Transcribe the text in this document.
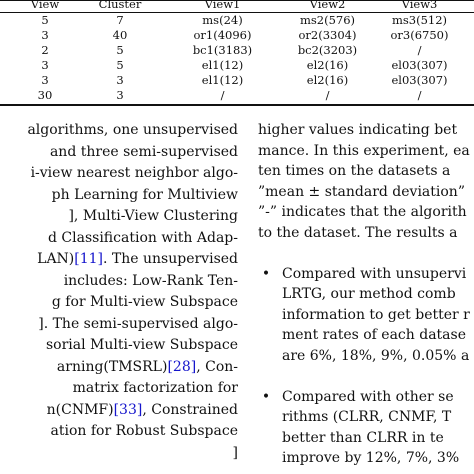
View	Cluster	View1	View2	View3
5	7	ms(24)	ms2(576)	ms3(512)
3	40	or1(4096)	or2(3304)	or3(6750)
2	5	bc1(3183)	bc2(3203)	/
3	5	el1(12)	el2(16)	el03(307)
3	3	el1(12)	el2(16)	el03(307)
30	3	/	/	/
algorithms, one unsupervised
and three semi-supervised
i-view nearest neighbor algo-
ph Learning for Multiview
], Multi-View Clustering
d Classification with Adap-
LAN)[11]. The unsupervised
includes: Low-Rank Ten-
g for Multi-view Subspace
]. The semi-supervised algo-
sorial Multi-view Subspace
arning(TMSRL)[28], Con-
matrix factorization for
n(CNMF)[33], Constrained
ation for Robust Subspace
]
higher values indicating bet
mance. In this experiment, ea
ten times on the datasets a
”mean ± standard deviation”
”-” indicates that the algorith
to the dataset. The results a
• Compared with unsupervi
LRTG, our method comb
information to get better r
ment rates of each datase
are 6%, 18%, 9%, 0.05% a
• Compared with other se
rithms (CLRR, CNMF, T
better than CLRR in te
improve by 12%, 7%, 3%
